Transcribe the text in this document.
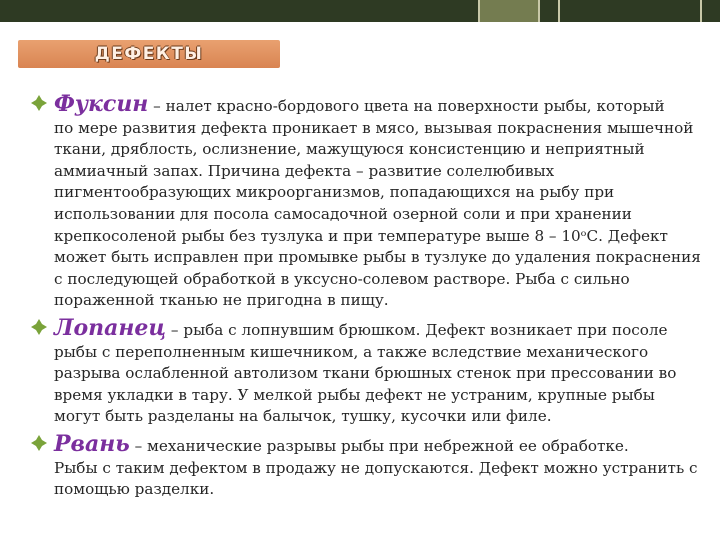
ДЕФЕКТЫ
Фуксин – налет красно-бордового цвета на поверхности рыбы, который
по мере развития дефекта проникает в мясо, вызывая покраснения мышечной ткани, дряблость, ослизнение, мажущуюся консистенцию и неприятный аммиачный запах. Причина дефекта – развитие солелюбивых пигментообразующих микроорганизмов, попадающихся на рыбу при использовании для посола самосадочной озерной соли и при хранении крепкосоленой рыбы без тузлука и при температуре выше 8 – 10ᵒС. Дефект может быть исправлен при промывке рыбы в тузлуке до удаления покраснения с последующей обработкой в уксусно-солевом растворе. Рыба с сильно пораженной тканью не пригодна в пищу.
Лопанец – рыба с лопнувшим брюшком. Дефект возникает при посоле
рыбы с переполненным кишечником, а также вследствие механического разрыва ослабленной автолизом ткани брюшных стенок при прессовании во время укладки в тару. У мелкой рыбы дефект не устраним, крупные рыбы могут быть разделаны на балычок, тушку, кусочки или филе.
Рвань – механические разрывы рыбы при небрежной ее обработке.
Рыбы с таким дефектом в продажу не допускаются. Дефект можно устранить с помощью разделки.
